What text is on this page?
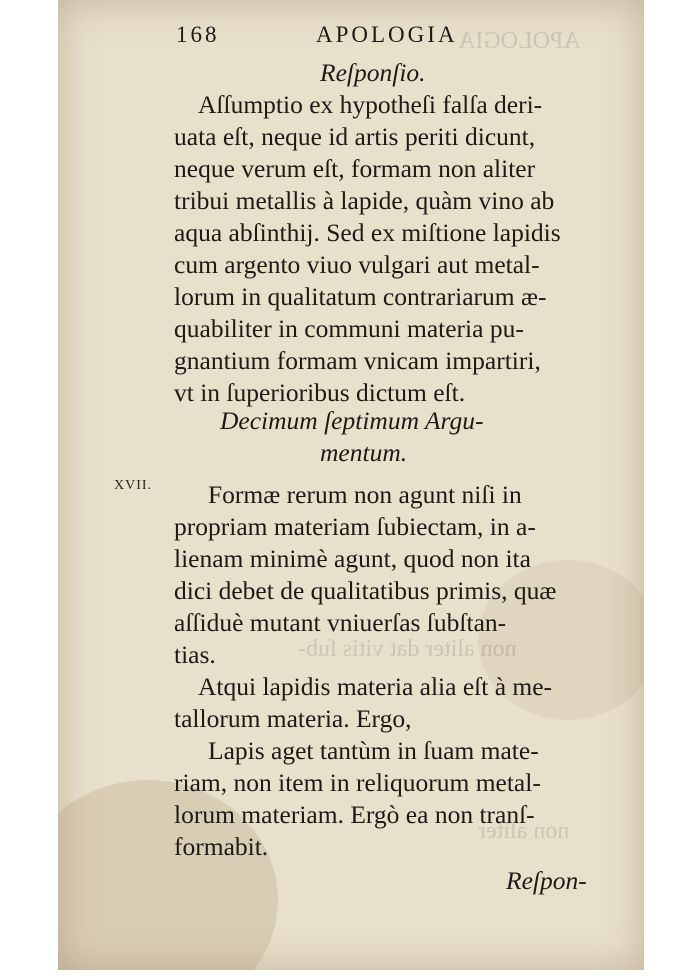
APOLOGIA
non aliter dat vitis ſub-
non aliter
168	APOLOGIA
Reſponſio.
Aſſumptio ex hypotheſi falſa deri-
uata eſt, neque id artis periti dicunt,
neque verum eſt, formam non aliter
tribui metallis à lapide, quàm vino ab
aqua abſinthij. Sed ex miſtione lapidis
cum argento viuo vulgari aut metal-
lorum in qualitatum contrariarum æ-
quabiliter in communi materia pu-
gnantium formam vnicam impartiri,
vt in ſuperioribus dictum eſt.
Decimum ſeptimum Argu-
mentum.
XVII. Formæ rerum non agunt niſi in
propriam materiam ſubiectam, in a-
lienam minimè agunt, quod non ita
dici debet de qualitatibus primis, quæ
aſſiduè mutant vniuerſas ſubſtan-
tias.
Atqui lapidis materia alia eſt à me-
tallorum materia. Ergo,
Lapis aget tantùm in ſuam mate-
riam, non item in reliquorum metal-
lorum materiam. Ergò ea non tranſ-
formabit.
Reſpon-
